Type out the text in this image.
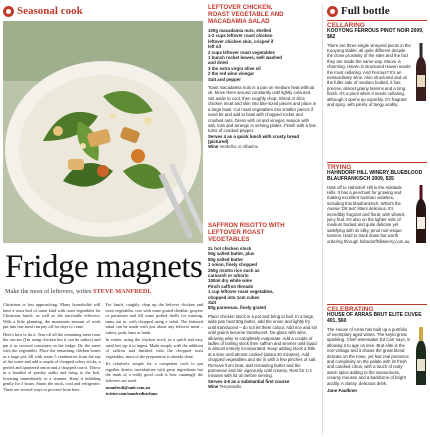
Seasonal cook
Fridge magnets
Make the most of leftovers, writes STEVE MANFREDI.

Christmas is fast approaching. Many households will have a roast bird of some kind with roast vegetables for Christmas lunch, as well as the inevitable leftovers. With a little planning, the mountains amount of work put into one meal can pay off for days to come.

Here's how to do it. Tear off all the remaining meat from the carcass (I'm using chicken but it can be turkey) and put it in covered containers in the fridge. Do the same with the vegetables. Place the remaining chicken bones in a large pot, fill with water 5 centimetres from the top of the water and add a couple of chopped celery sticks, a peeled and quartered onion and a chopped carrot. Throw in a handful of parsley stalks and bring to the boil, lowering immediately to a simmer. Keep it bubbling gently for 3 hours. Strain the stock, cool and refrigerate. There are several ways to proceed from here.

For lunch, roughly chop up the leftover chicken and roast vegetables, toss with some grated cheddar, gruyere or parmesan and fill some puffed shells (or toasting, turns out to, with chopped using a salad. The featured salad can be made with just about any leftover meat – turkey, pork, ham or lamb.

In winter, using the chicken stock, in a quick and easy meal lets sip it to ingest. Made simply with the addition of saffron and finished with the chopped roast vegetables, most of the preparation is already done.

It's relatively simple for a competent cook to put together drastic inoculations with great ingredients but the mark of a really good cook is how cunningly the leftovers are used.

smanfredi@smh.com.au
twitter.com/manfredistefano
LEFTOVER CHICKEN,
ROAST VEGETABLE AND
MACADAMIA SALAD
100g macadamia nuts, shelled
1-2 cups leftover roast chicken
leftover chicken skin, crisped if
left oil
2 cups leftover roast vegetables
1 bunch rocket leaves, well washed
and dried
3 tbs extra virgin olive oil
2 tbs red wine vinegar
Salt and pepper
Toast macadamia nuts in a pan on medium heat without oil. Move them around constantly until lightly coloured. Set aside to cool, then roughly chop. Shred or slice chicken meat and skin into bite-sized pieces and place in a large bowl. Cut roast vegetables into smaller pieces if need be and add to bowl with chopped rocket and crushed nuts. Dress with oil and vinegar, season with salt, toss and arrange in serving plates. Finish with a few turns of cracked pepper.
Serves 4 as a quick lunch with crusty bread (pictured)
Wine Verdelho or Albarino
SAFFRON RISOTTO WITH
LEFTOVER ROAST
VEGETABLES
2L hot chicken stock
50g salted butter, plus
80g salted butter
1 onion, finely chopped
250g risotto rice such as
carnaroli or arborio
100ml dry white wine
Pinch saffron threads
1 cup leftover roast vegetables,
chopped into 1cm cubes
Salt
80g parmesan, finely grated
Place chicken stock in a pot and bring to boil. In a large, wide pan heat 50g butter, add the onion and lightly fry until translucent – do not let them colour. Add rice and stir until grains become translucent. De-glaze with wine, allowing wine to completely evaporate. Add a couple of ladles of boiling stock then saffron and simmer until liquid is almost entirely incorporated. Keep adding stock a little at a time until almost cooked (about 20 minutes). Add chopped vegetables and stir in with a few pinches of salt. Remove from heat, add remaining butter and the parmesan and stir vigorously until creamy. Rest for 1-2 minutes with lid on before serving.
Serves 4-6 as a substantial first course
Wine Tempranillo
Full bottle
CELLARING
KOOYONG FERROUS PINOT NOIR 2009, $62
There are three single vineyard pinots in the Kooyong stable, all quite different despite the close proximity of the sites and the fact they are made the same way. Meoru is charming, Haven is structured Haven needs the most cellaring. And Ferrous? It's an extraordinary wine. Also structured and on the fuller side of medium bodied, it has precise, almost grainy tannins and a long finish. It's a pinot when it needs cellaring, although it opens up superbly. It's fragrant and spicy, with plenty of tangy acidity.
TRYING
HAHNDORF HILL WINERY BLUEBLOOD BLAUFRANKISCH 2009, $35
Hats off to Hahndorf Hill in the Adelaide Hills. It has a penchant for growing and making excellent Austrian varieties, including this blaufrankisch. What's the Aussie 'D9 test' litters delicious. It's incredibly fragrant and floral, with vibrant, juicy fruit. It's also on the lighter side of medium bodied and quite delicate yet satisfying with its silky, pinot noir-esque tannins. Hard to track down but worth ordering through hahndorfhillwinery.com.au.
CELEBRATING
HOUSE OF ARRAS BRUT ELITE CUVEE 401, $60
The House of Arras has built up a portfolio of exemplary aged wines. The keyto great sparkling. Chief winemaker Ed Carr says, is allowing it to age on lees. Brut elite is the non-vintage and it shows the great blend delicate on the nose, yet has real presence and complexity on the palate with its fresh and candied citrus, with a touch of nutty warm spice adding to the savouriness, creamy mousse and a backbone of bright acidity. A classy, delicious drink.
Jane Faulkner
